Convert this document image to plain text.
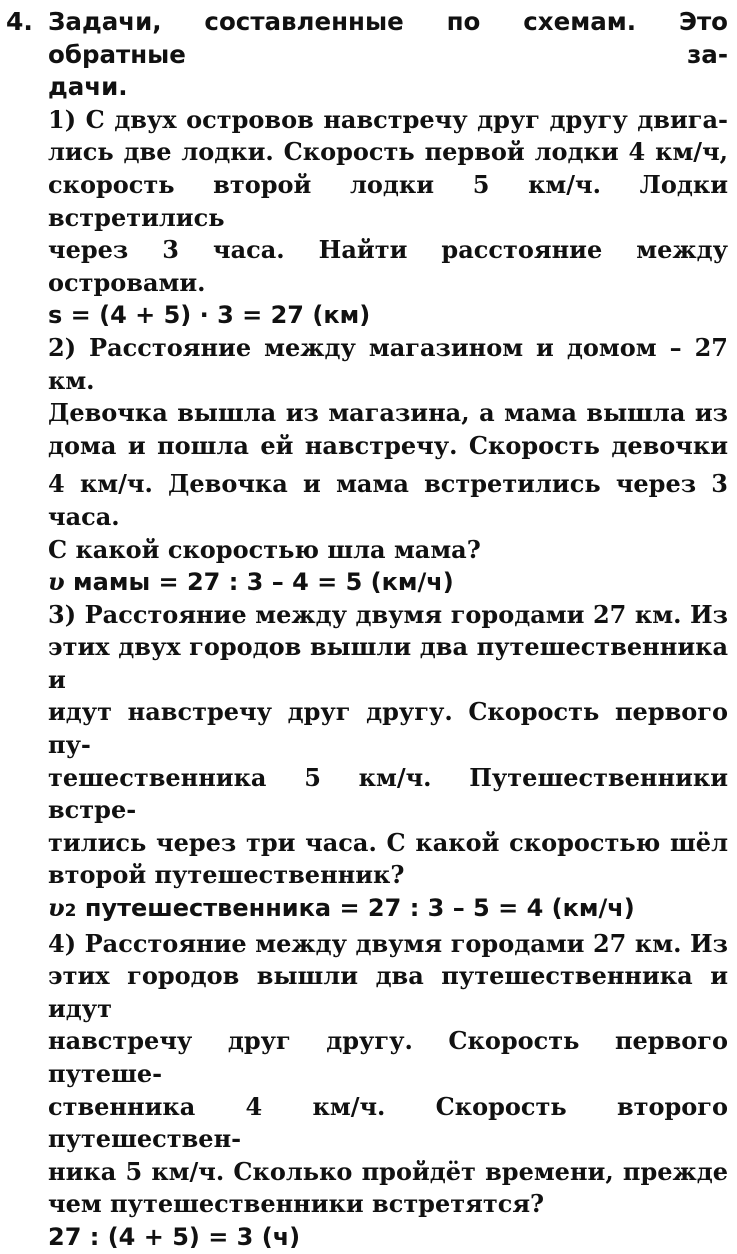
4. Задачи, составленные по схемам. Это обратные за-
дачи.
1) С двух островов навстречу друг другу двига-
лись две лодки. Скорость первой лодки 4 км/ч,
скорость второй лодки 5 км/ч. Лодки встретились
через 3 часа. Найти расстояние между островами.
s = (4 + 5) · 3 = 27 (км)
2) Расстояние между магазином и домом – 27 км.
Девочка вышла из магазина, а мама вышла из
дома и пошла ей навстречу. Скорость девочки
4 км/ч. Девочка и мама встретились через 3 часа.
С какой скоростью шла мама?
υ мамы = 27 : 3 – 4 = 5 (км/ч)
3) Расстояние между двумя городами 27 км. Из
этих двух городов вышли два путешественника и
идут навстречу друг другу. Скорость первого пу-
тешественника 5 км/ч. Путешественники встре-
тились через три часа. С какой скоростью шёл
второй путешественник?
υ2 путешественника = 27 : 3 – 5 = 4 (км/ч)
4) Расстояние между двумя городами 27 км. Из
этих городов вышли два путешественника и идут
навстречу друг другу. Скорость первого путеше-
ственника 4 км/ч. Скорость второго путешествен-
ника 5 км/ч. Сколько пройдёт времени, прежде
чем путешественники встретятся?
27 : (4 + 5) = 3 (ч)
